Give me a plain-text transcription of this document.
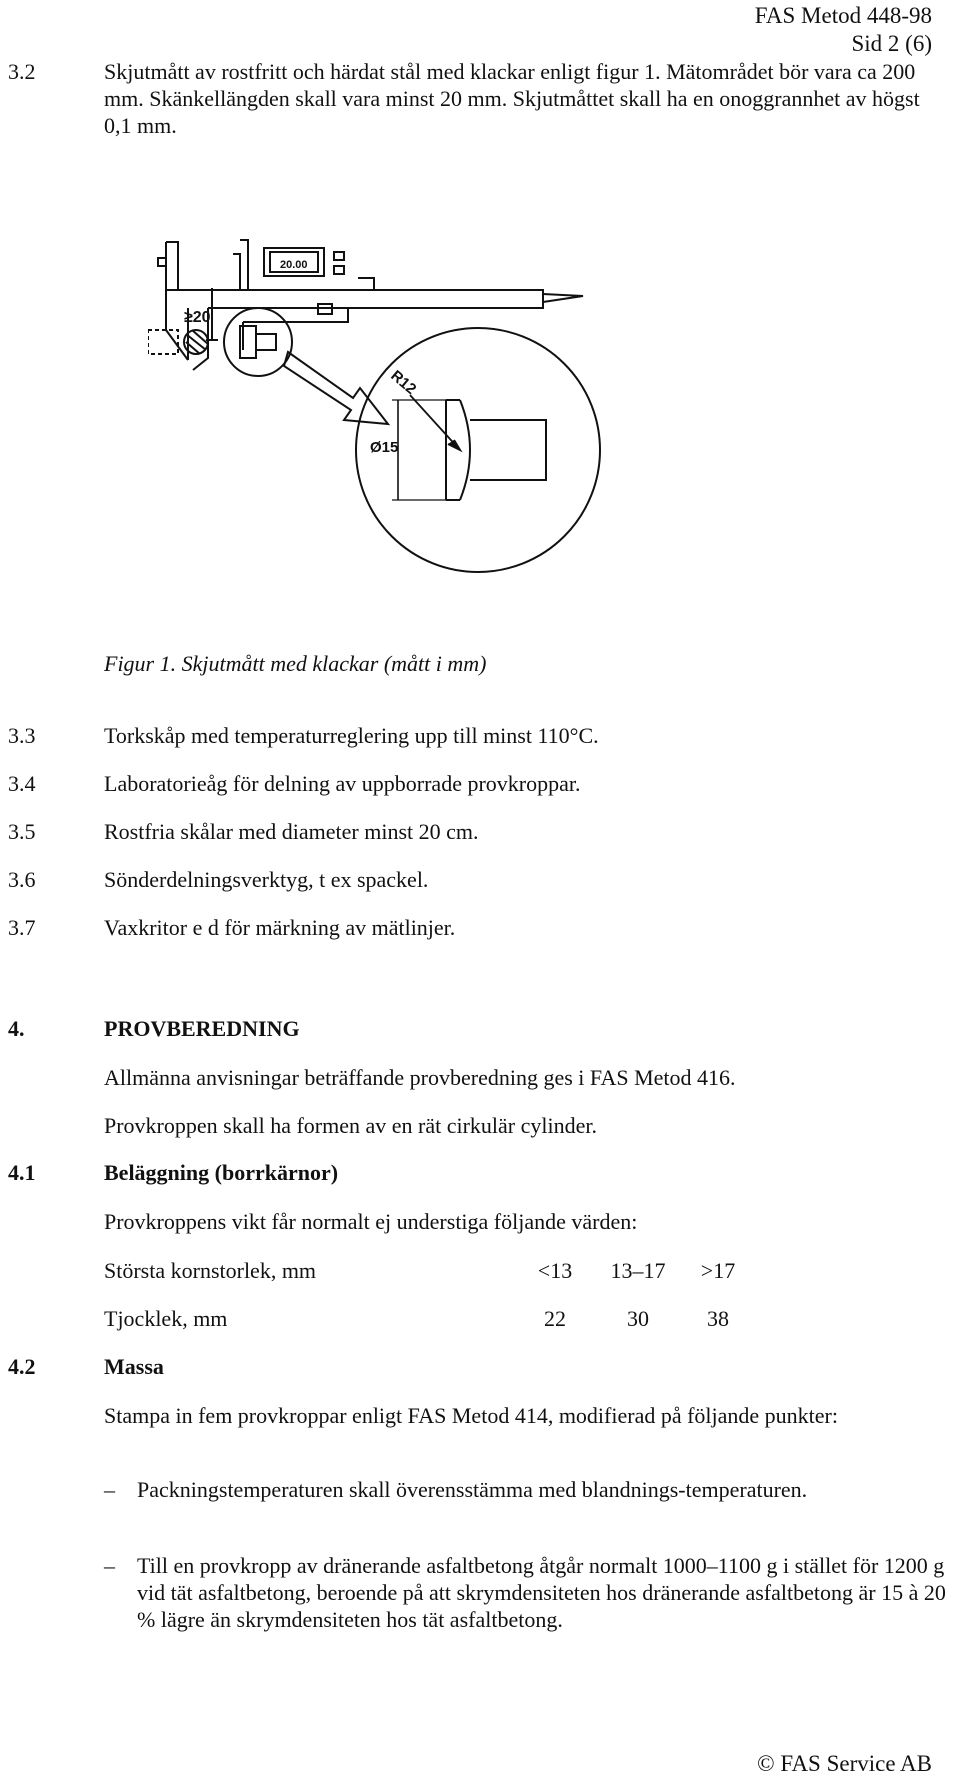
FAS Metod 448-98
Sid 2 (6)
3.2	Skjutmått av rostfritt och härdat stål med klackar enligt figur 1. Mätområdet bör vara ca 200 mm. Skänkellängden skall vara minst 20 mm. Skjutmåttet skall ha en onoggrannhet av högst 0,1 mm.
20.00
≥20
R12
Ø15
Figur 1. Skjutmått med klackar (mått i mm)
3.3	Torkskåp med temperaturreglering upp till minst 110°C.
3.4	Laboratorieåg för delning av uppborrade provkroppar.
3.5	Rostfria skålar med diameter minst 20 cm.
3.6	Sönderdelningsverktyg, t ex spackel.
3.7	Vaxkritor e d för märkning av mätlinjer.
4.	PROVBEREDNING
Allmänna anvisningar beträffande provberedning ges i FAS Metod 416.
Provkroppen skall ha formen av en rät cirkulär cylinder.
4.1	Beläggning (borrkärnor)
Provkroppens vikt får normalt ej understiga följande värden:
Största kornstorlek, mm	<13	13–17	>17
Tjocklek, mm	22	30	38
4.2	Massa
Stampa in fem provkroppar enligt FAS Metod 414, modifierad på följande punkter:
– Packningstemperaturen skall överensstämma med blandnings-temperaturen.
– Till en provkropp av dränerande asfaltbetong åtgår normalt 1000–1100 g i stället för 1200 g vid tät asfaltbetong, beroende på att skrymdensiteten hos dränerande asfaltbetong är 15 à 20 % lägre än skrymdensiteten hos tät asfaltbetong.
© FAS Service AB
